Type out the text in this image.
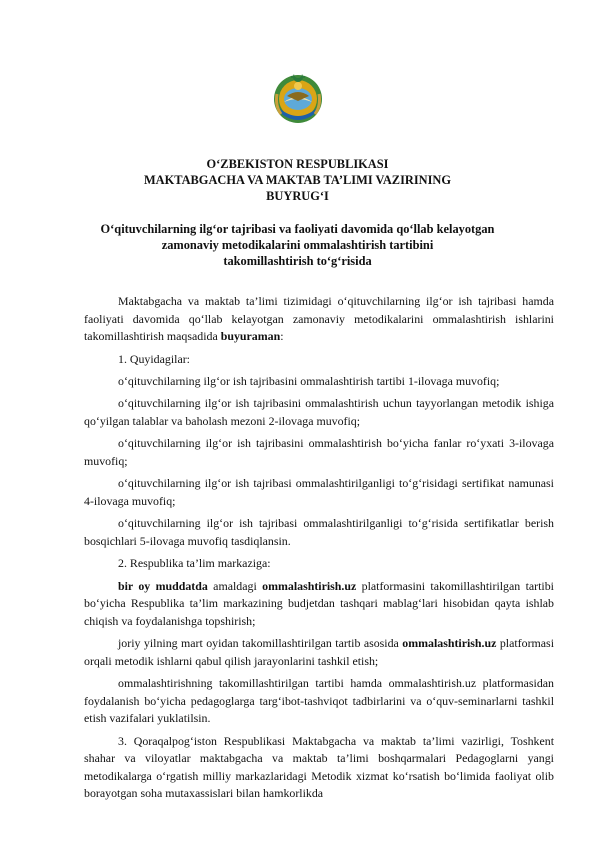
O‘ZBEKISTON RESPUBLIKASI
MAKTABGACHA VA MAKTAB TA’LIMI VAZIRINING
BUYRUG‘I
O‘qituvchilarning ilg‘or tajribasi va faoliyati davomida qo‘llab kelayotgan
zamonaviy metodikalarini ommalashtirish tartibini
takomillashtirish to‘g‘risida

Maktabgacha va maktab ta’limi tizimidagi o‘qituvchilarning ilg‘or ish tajribasi hamda faoliyati davomida qo‘llab kelayotgan zamonaviy metodikalarini ommalashtirish ishlarini takomillashtirish maqsadida buyuraman:

1. Quyidagilar:

o‘qituvchilarning ilg‘or ish tajribasini ommalashtirish tartibi 1-ilovaga muvofiq;

o‘qituvchilarning ilg‘or ish tajribasini ommalashtirish uchun tayyorlangan metodik ishiga qo‘yilgan talablar va baholash mezoni 2-ilovaga muvofiq;

o‘qituvchilarning ilg‘or ish tajribasini ommalashtirish bo‘yicha fanlar ro‘yxati 3-ilovaga muvofiq;

o‘qituvchilarning ilg‘or ish tajribasi ommalashtirilganligi to‘g‘risidagi sertifikat namunasi 4-ilovaga muvofiq;

o‘qituvchilarning ilg‘or ish tajribasi ommalashtirilganligi to‘g‘risida sertifikatlar berish bosqichlari 5-ilovaga muvofiq tasdiqlansin.

2. Respublika ta’lim markaziga:

bir oy muddatda amaldagi ommalashtirish.uz platformasini takomillashtirilgan tartibi bo‘yicha Respublika ta’lim markazining budjetdan tashqari mablag‘lari hisobidan qayta ishlab chiqish va foydalanishga topshirish;

joriy yilning mart oyidan takomillashtirilgan tartib asosida ommalashtirish.uz platformasi orqali metodik ishlarni qabul qilish jarayonlarini tashkil etish;

ommalashtirishning takomillashtirilgan tartibi hamda ommalashtirish.uz platformasidan foydalanish bo‘yicha pedagoglarga targ‘ibot-tashviqot tadbirlarini va o‘quv-seminarlarni tashkil etish vazifalari yuklatilsin.

3. Qoraqalpog‘iston Respublikasi Maktabgacha va maktab ta’limi vazirligi, Toshkent shahar va viloyatlar maktabgacha va maktab ta’limi boshqarmalari Pedagoglarni yangi metodikalarga o‘rgatish milliy markazlaridagi Metodik xizmat ko‘rsatish bo‘limida faoliyat olib borayotgan soha mutaxassislari bilan hamkorlikda
